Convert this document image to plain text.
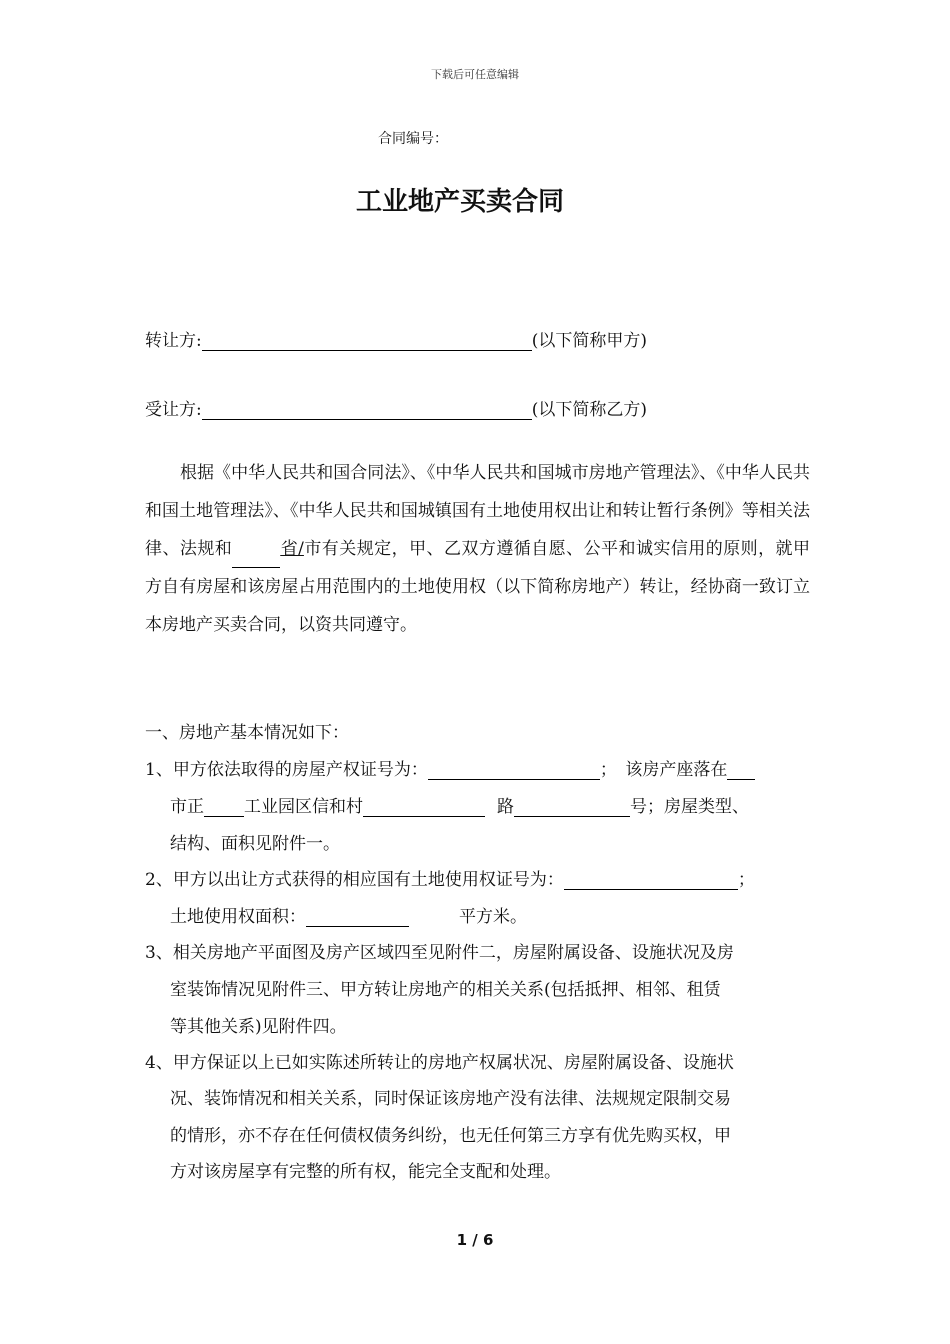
下载后可任意编辑
合同编号：
工业地产买卖合同
转让方:	(以下简称甲方)
受让方:	(以下简称乙方)
根据《中华人民共和国合同法》、《中华人民共和国城市房地产管理法》、《中华人民共和国土地管理法》、《中华人民共和国城镇国有土地使用权出让和转让暂行条例》等相关法律、法规和	省/市有关规定，甲、乙双方遵循自愿、公平和诚实信用的原则，就甲方自有房屋和该房屋占用范围内的土地使用权（以下简称房地产）转让，经协商一致订立本房地产买卖合同，以资共同遵守。
一、房地产基本情况如下：
1、甲方依法取得的房屋产权证号为：	；　该房产座落在
市正 工业园区信和村	路	号；房屋类型、
结构、面积见附件一。
2、甲方以出让方式获得的相应国有土地使用权证号为：	；
土地使用权面积：	平方米。
3、相关房地产平面图及房产区域四至见附件二，房屋附属设备、设施状况及房
室装饰情况见附件三、甲方转让房地产的相关关系(包括抵押、相邻、租赁
等其他关系)见附件四。
4、甲方保证以上已如实陈述所转让的房地产权属状况、房屋附属设备、设施状
况、装饰情况和相关关系，同时保证该房地产没有法律、法规规定限制交易
的情形，亦不存在任何债权债务纠纷，也无任何第三方享有优先购买权，甲
方对该房屋享有完整的所有权，能完全支配和处理。
1 / 6
